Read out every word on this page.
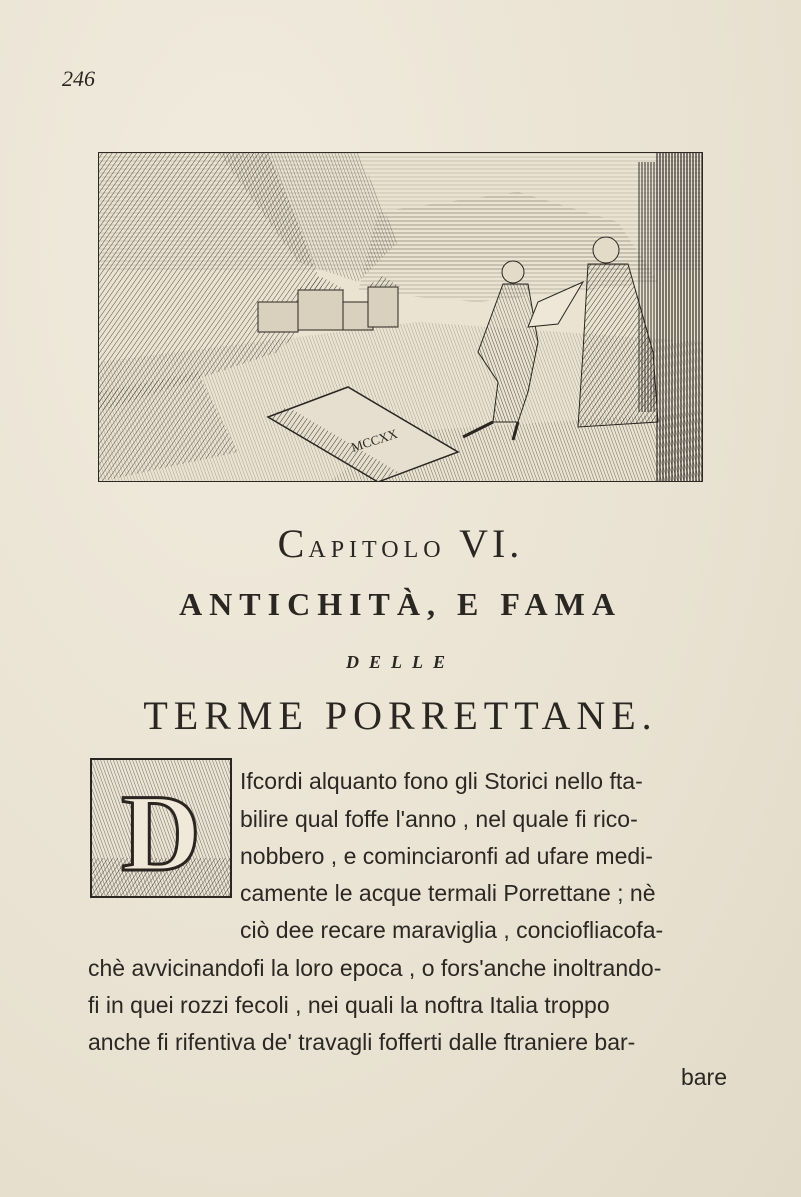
246
MCCXX
CAPITOLO VI.
ANTICHITÀ, E FAMA
DELLE
TERME PORRETTANE.
D Ifcordi alquanto fono gli Storici nello fta-
bilire qual foffe l'anno , nel quale fi rico-
nobbero , e cominciaronfi ad ufare medi-
camente le acque termali Porrettane ; nè
ciò dee recare maraviglia , conciofliacofa-
chè avvicinandofi la loro epoca , o fors'anche inoltrando-
fi in quei rozzi fecoli , nei quali la noftra Italia troppo
anche fi rifentiva de' travagli fofferti dalle ftraniere bar-
bare
